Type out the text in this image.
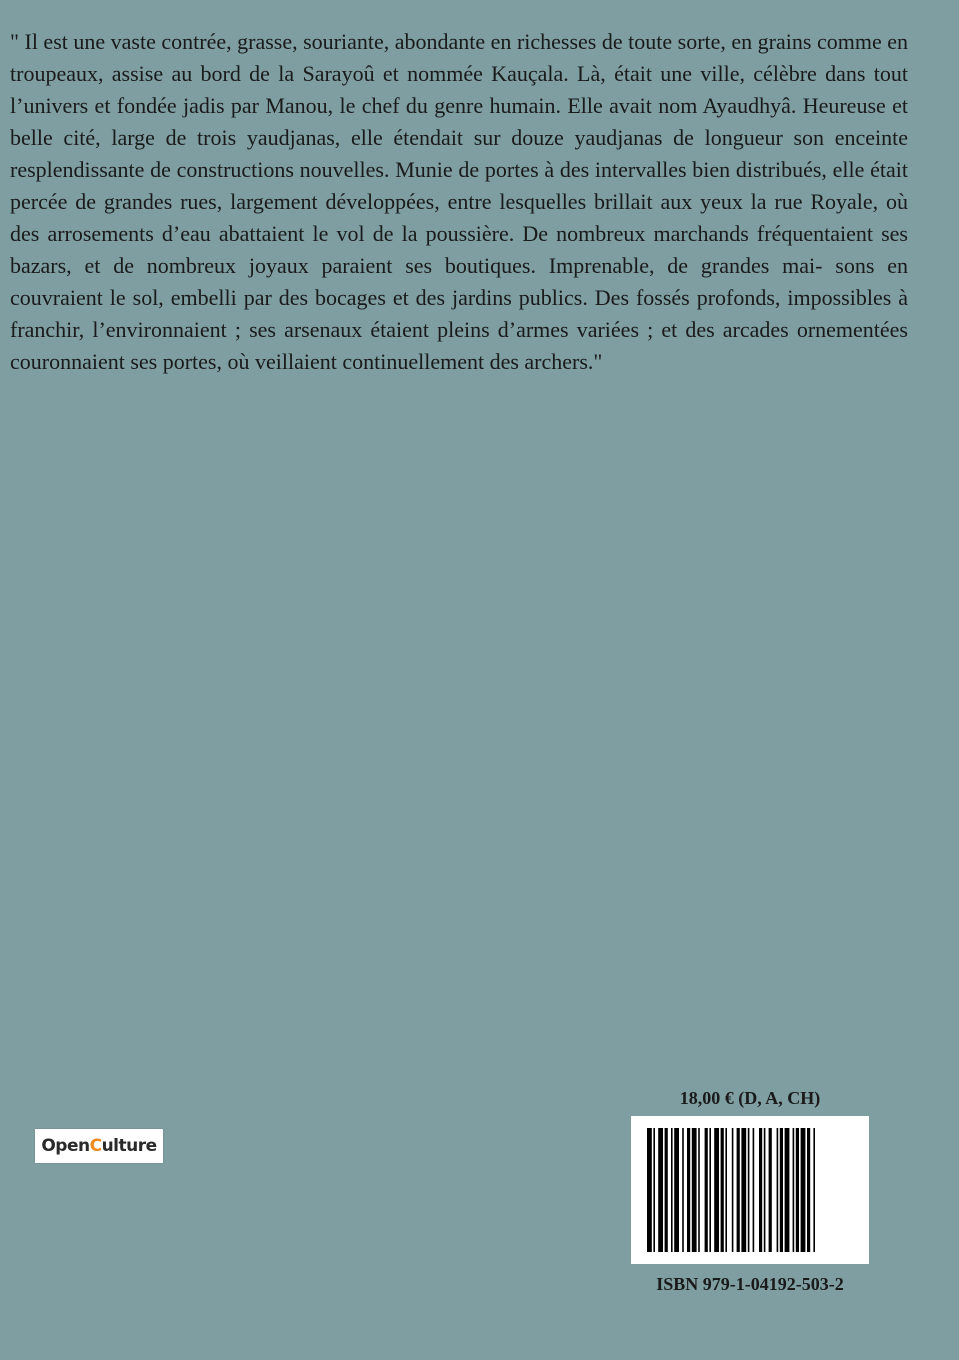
" Il est une vaste contrée, grasse, souriante, abondante en richesses de toute sorte, en grains comme en troupeaux, assise au bord de la Sarayoû et nommée Kauçala. Là, était une ville, célèbre dans tout l’univers et fondée jadis par Manou, le chef du genre humain. Elle avait nom Ayaudhyâ. Heureuse et belle cité, large de trois yaudjanas, elle étendait sur douze yaudjanas de longueur son enceinte resplendissante de constructions nouvelles. Munie de portes à des intervalles bien distribués, elle était percée de grandes rues, largement développées, entre lesquelles brillait aux yeux la rue Royale, où des arrosements d’eau abattaient le vol de la poussière. De nombreux marchands fréquentaient ses bazars, et de nombreux joyaux paraient ses boutiques. Imprenable, de grandes mai- sons en couvraient le sol, embelli par des bocages et des jardins publics. Des fossés profonds, impossibles à franchir, l’environnaient ; ses arsenaux étaient pleins d’armes variées ; et des arcades ornementées couronnaient ses portes, où veillaient continuellement des archers."

Open C ulture
18,00 € (D, A, CH)
ISBN 979-1-04192-503-2
